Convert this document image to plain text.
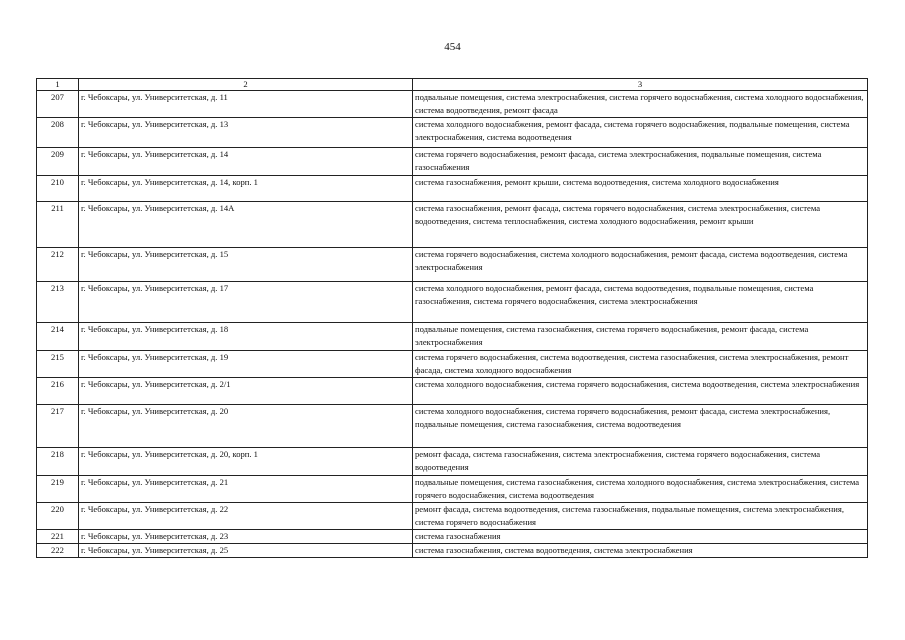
454
1	2	3
207	г. Чебоксары, ул. Университетская, д. 11	подвальные помещения, система электроснабжения, система горячего водоснабжения, система холодного водоснабжения, система водоотведения, ремонт фасада
208	г. Чебоксары, ул. Университетская, д. 13	система холодного водоснабжения, ремонт фасада, система горячего водоснабжения, подвальные помещения, система электроснабжения, система водоотведения
209	г. Чебоксары, ул. Университетская, д. 14	система горячего водоснабжения, ремонт фасада, система электроснабжения, подвальные помещения, система газоснабжения
210	г. Чебоксары, ул. Университетская, д. 14, корп. 1	система газоснабжения, ремонт крыши, система водоотведения, система холодного водоснабжения
211	г. Чебоксары, ул. Университетская, д. 14А	система газоснабжения, ремонт фасада, система горячего водоснабжения, система электроснабжения, система водоотведения, система теплоснабжения, система холодного водоснабжения, ремонт крыши
212	г. Чебоксары, ул. Университетская, д. 15	система горячего водоснабжения, система холодного водоснабжения, ремонт фасада, система водоотведения, система электроснабжения
213	г. Чебоксары, ул. Университетская, д. 17	система холодного водоснабжения, ремонт фасада, система водоотведения, подвальные помещения, система газоснабжения, система горячего водоснабжения, система электроснабжения
214	г. Чебоксары, ул. Университетская, д. 18	подвальные помещения, система газоснабжения, система горячего водоснабжения, ремонт фасада, система электроснабжения
215	г. Чебоксары, ул. Университетская, д. 19	система горячего водоснабжения, система водоотведения, система газоснабжения, система электроснабжения, ремонт фасада, система холодного водоснабжения
216	г. Чебоксары, ул. Университетская, д. 2/1	система холодного водоснабжения, система горячего водоснабжения, система водоотведения, система электроснабжения
217	г. Чебоксары, ул. Университетская, д. 20	система холодного водоснабжения, система горячего водоснабжения, ремонт фасада, система электроснабжения, подвальные помещения, система газоснабжения, система водоотведения
218	г. Чебоксары, ул. Университетская, д. 20, корп. 1	ремонт фасада, система газоснабжения, система электроснабжения, система горячего водоснабжения, система водоотведения
219	г. Чебоксары, ул. Университетская, д. 21	подвальные помещения, система газоснабжения, система холодного водоснабжения, система электроснабжения, система горячего водоснабжения, система водоотведения
220	г. Чебоксары, ул. Университетская, д. 22	ремонт фасада, система водоотведения, система газоснабжения, подвальные помещения, система электроснабжения, система горячего водоснабжения
221	г. Чебоксары, ул. Университетская, д. 23	система газоснабжения
222	г. Чебоксары, ул. Университетская, д. 25	система газоснабжения, система водоотведения, система электроснабжения
